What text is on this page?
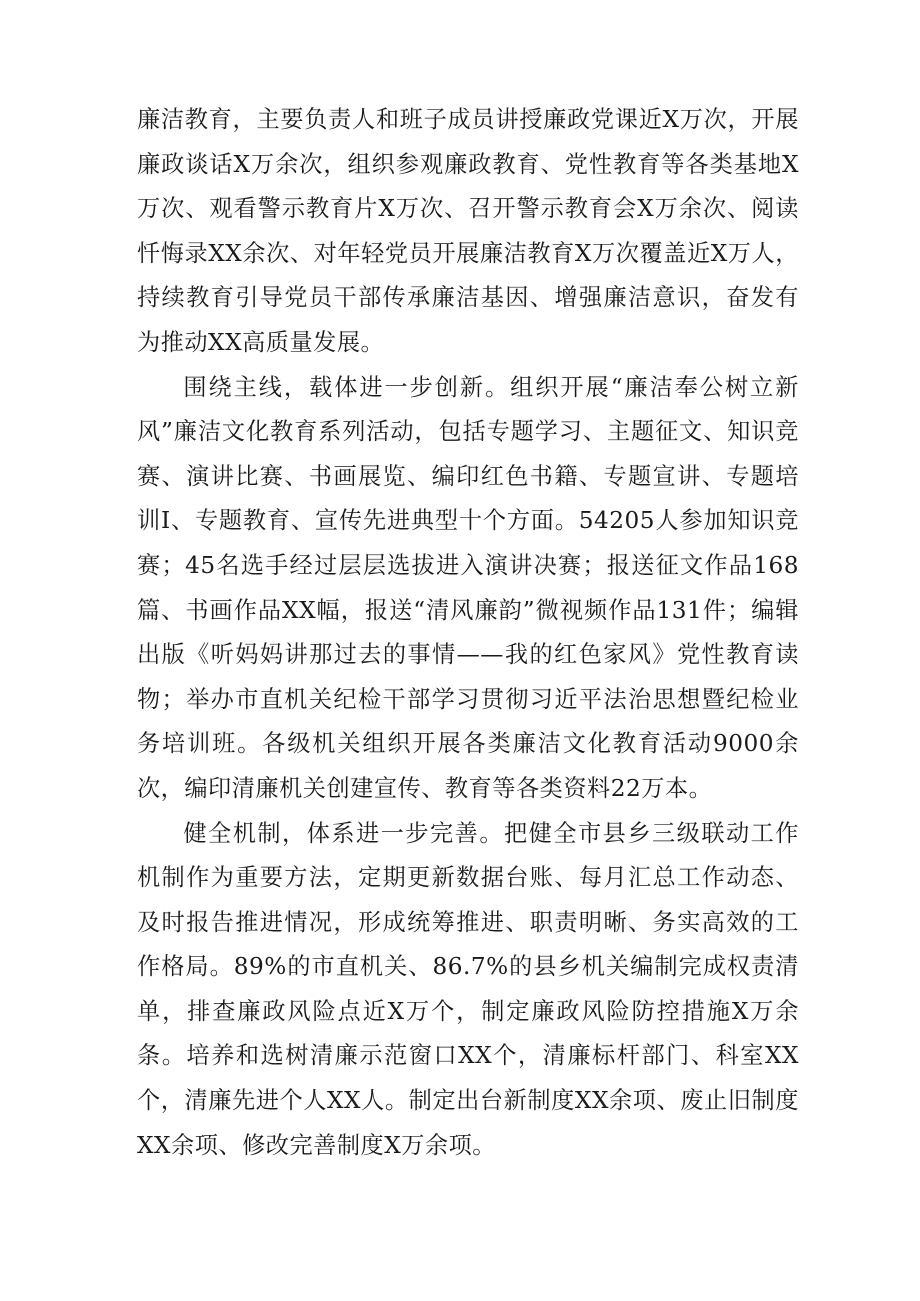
廉洁教育，主要负责人和班子成员讲授廉政党课近X万次，开展廉政谈话X万余次，组织参观廉政教育、党性教育等各类基地X万次、观看警示教育片X万次、召开警示教育会X万余次、阅读忏悔录XX余次、对年轻党员开展廉洁教育X万次覆盖近X万人，持续教育引导党员干部传承廉洁基因、增强廉洁意识，奋发有为推动XX高质量发展。

围绕主线，载体进一步创新。组织开展“廉洁奉公树立新风”廉洁文化教育系列活动，包括专题学习、主题征文、知识竞赛、演讲比赛、书画展览、编印红色书籍、专题宣讲、专题培训I、专题教育、宣传先进典型十个方面。54205人参加知识竞赛；45名选手经过层层选拔进入演讲决赛；报送征文作品168篇、书画作品XX幅，报送“清风廉韵”微视频作品131件；编辑出版《听妈妈讲那过去的事情——我的红色家风》党性教育读物；举办市直机关纪检干部学习贯彻习近平法治思想暨纪检业务培训班。各级机关组织开展各类廉洁文化教育活动9000余次，编印清廉机关创建宣传、教育等各类资料22万本。

健全机制，体系进一步完善。把健全市县乡三级联动工作机制作为重要方法，定期更新数据台账、每月汇总工作动态、及时报告推进情况，形成统筹推进、职责明晰、务实高效的工作格局。89%的市直机关、86.7%的县乡机关编制完成权责清单，排查廉政风险点近X万个，制定廉政风险防控措施X万余条。培养和选树清廉示范窗口XX个，清廉标杆部门、科室XX个，清廉先进个人XX人。制定出台新制度XX余项、废止旧制度XX余项、修改完善制度X万余项。
